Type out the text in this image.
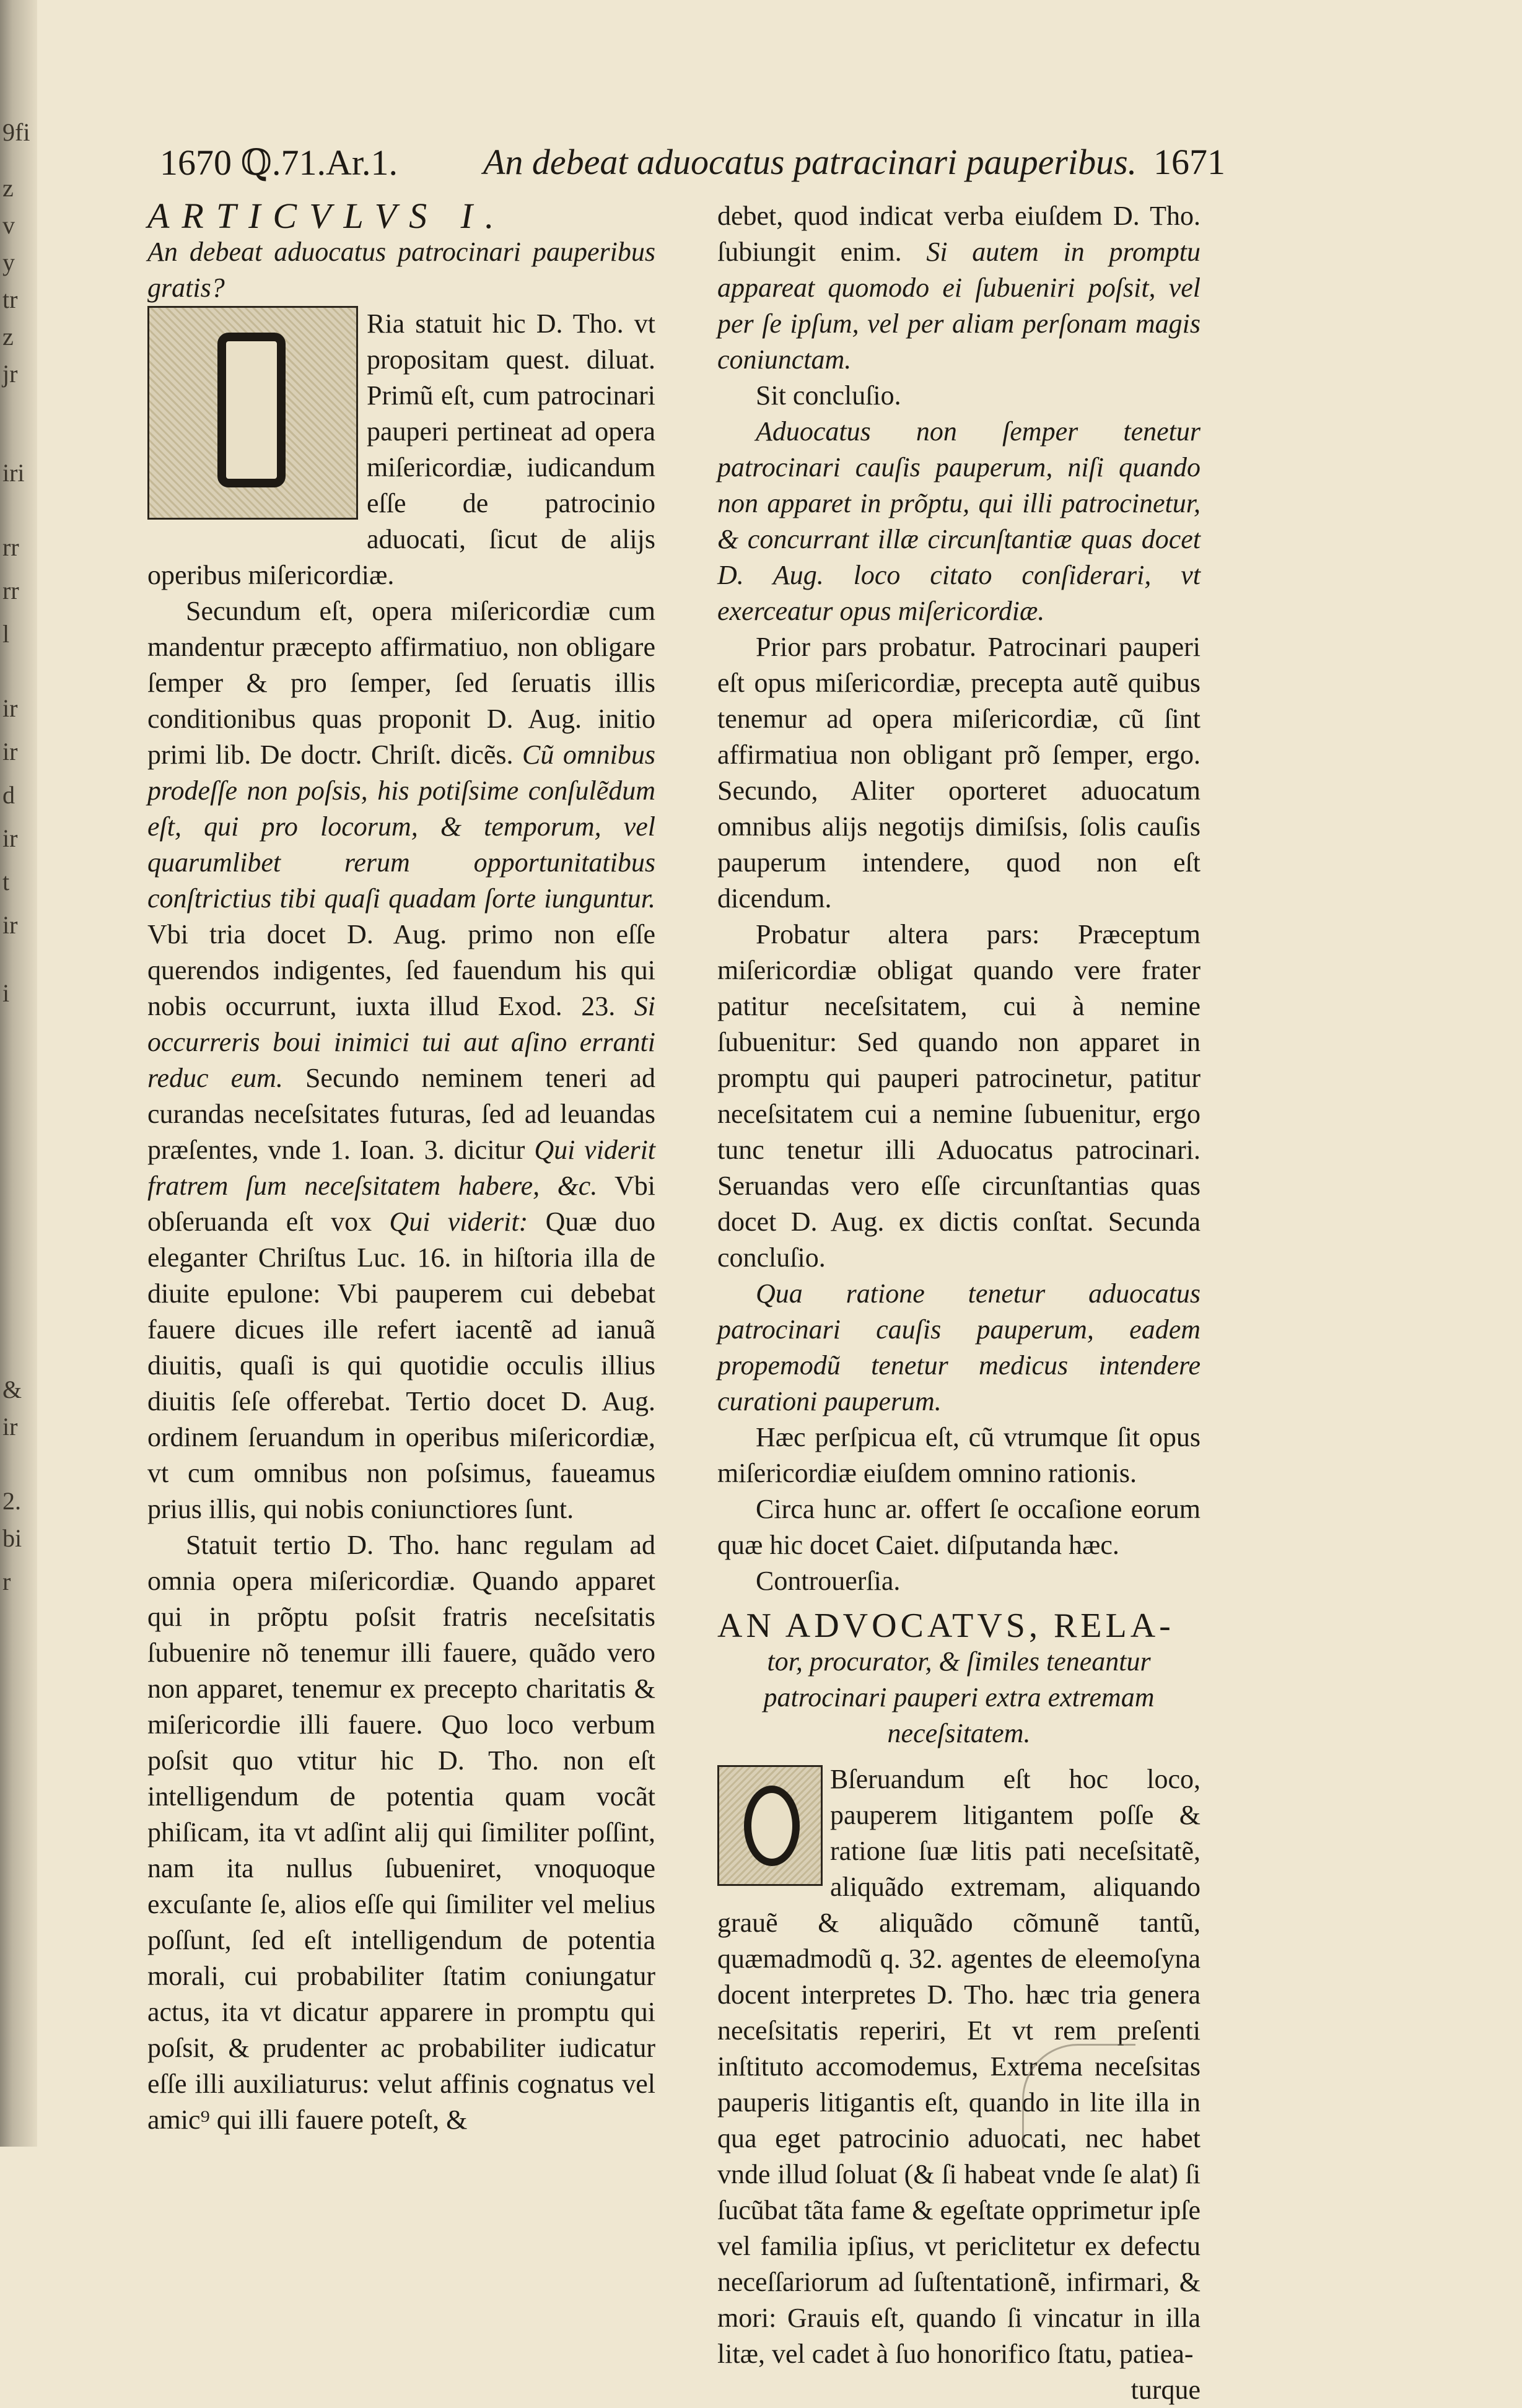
9fi
z
v
y
tr
z
jr
iri
rr
rr
l
ir
ir
d
ir
t
ir
i
&
ir
2.
bi
r
1670 ℚ.71.Ar.1. An debeat aduocatus patracinari pauperibus. 1671

ARTICVLVS I.

An debeat aduocatus patrocinari pauperibus gratis?

Ria statuit hic D. Tho. vt propositam quest. diluat. Primũ eſt, cum patrocinari pauperi pertineat ad opera miſericordiæ, iudicandum eſſe de patrocinio aduocati, ſicut de alijs operibus miſericordiæ.

Secundum eſt, opera miſericordiæ cum mandentur præcepto affirmatiuo, non obligare ſemper & pro ſemper, ſed ſeruatis illis conditionibus quas proponit D. Aug. initio primi lib. De doctr. Chriſt. dicẽs. Cũ omnibus prodeſſe non poſsis, his potiſsime conſulẽdum eſt, qui pro locorum, & temporum, vel quarumlibet rerum opportunitatibus conſtrictius tibi quaſi quadam ſorte iunguntur. Vbi tria docet D. Aug. primo non eſſe querendos indigentes, ſed fauendum his qui nobis occurrunt, iuxta illud Exod. 23. Si occurreris boui inimici tui aut aſino erranti reduc eum. Secundo neminem teneri ad curandas neceſsitates futuras, ſed ad leuandas præſentes, vnde 1. Ioan. 3. dicitur Qui viderit fratrem ſum neceſsitatem habere, &c. Vbi obſeruanda eſt vox Qui viderit: Quæ duo eleganter Chriſtus Luc. 16. in hiſtoria illa de diuite epulone: Vbi pauperem cui debebat fauere dicues ille refert iacentẽ ad ianuã diuitis, quaſi is qui quotidie occulis illius diuitis ſeſe offerebat. Tertio docet D. Aug. ordinem ſeruandum in operibus miſericordiæ, vt cum omnibus non poſsimus, faueamus prius illis, qui nobis coniunctiores ſunt.

Statuit tertio D. Tho. hanc regulam ad omnia opera miſericordiæ. Quando apparet qui in prõptu poſsit fratris neceſsitatis ſubuenire nõ tenemur illi fauere, quãdo vero non apparet, tenemur ex precepto charitatis & miſericordie illi fauere. Quo loco verbum poſsit quo vtitur hic D. Tho. non eſt intelligendum de potentia quam vocãt phiſicam, ita vt adſint alij qui ſimiliter poſſint, nam ita nullus ſubueniret, vnoquoque excuſante ſe, alios eſſe qui ſimiliter vel melius poſſunt, ſed eſt intelligendum de potentia morali, cui probabiliter ſtatim coniungatur actus, ita vt dicatur apparere in promptu qui poſsit, & prudenter ac probabiliter iudicatur eſſe illi auxiliaturus: velut affinis cognatus vel amic⁹ qui illi fauere poteſt, &

debet, quod indicat verba eiuſdem D. Tho. ſubiungit enim. Si autem in promptu appareat quomodo ei ſubueniri poſsit, vel per ſe ipſum, vel per aliam perſonam magis coniunctam.

Sit concluſio.

Aduocatus non ſemper tenetur patrocinari cauſis pauperum, niſi quando non apparet in prõptu, qui illi patrocinetur, & concurrant illæ circunſtantiæ quas docet D. Aug. loco citato conſiderari, vt exerceatur opus miſericordiæ.

Prior pars probatur. Patrocinari pauperi eſt opus miſericordiæ, precepta autẽ quibus tenemur ad opera miſericordiæ, cũ ſint affirmatiua non obligant prõ ſemper, ergo. Secundo, Aliter oporteret aduocatum omnibus alijs negotijs dimiſsis, ſolis cauſis pauperum intendere, quod non eſt dicendum.

Probatur altera pars: Præceptum miſericordiæ obligat quando vere frater patitur neceſsitatem, cui à nemine ſubuenitur: Sed quando non apparet in promptu qui pauperi patrocinetur, patitur neceſsitatem cui a nemine ſubuenitur, ergo tunc tenetur illi Aduocatus patrocinari. Seruandas vero eſſe circunſtantias quas docet D. Aug. ex dictis conſtat. Secunda concluſio.

Qua ratione tenetur aduocatus patrocinari cauſis pauperum, eadem propemodũ tenetur medicus intendere curationi pauperum.

Hæc perſpicua eſt, cũ vtrumque ſit opus miſericordiæ eiuſdem omnino rationis.

Circa hunc ar. offert ſe occaſione eorum quæ hic docet Caiet. diſputanda hæc.

Controuerſia.

AN ADVOCATVS, RELA-

tor, procurator, & ſimiles teneantur patrocinari pauperi extra extremam neceſsitatem.

Bſeruandum eſt hoc loco, pauperem litigantem poſſe & ratione ſuæ litis pati neceſsitatẽ, aliquãdo extremam, aliquando grauẽ & aliquãdo cõmunẽ tantũ, quæmadmodũ q. 32. agentes de eleemoſyna docent interpretes D. Tho. hæc tria genera neceſsitatis reperiri, Et vt rem preſenti inſtituto accomodemus, Extrema neceſsitas pauperis litigantis eſt, quando in lite illa in qua eget patrocinio aduocati, nec habet vnde illud ſoluat (& ſi habeat vnde ſe alat) ſi ſucũbat tãta fame & egeſtate opprimetur ipſe vel familia ipſius, vt periclitetur ex defectu neceſſariorum ad ſuſtentationẽ, infirmari, & mori: Grauis eſt, quando ſi vincatur in illa litæ, vel cadet à ſuo honorifico ſtatu, patiea-

turque
